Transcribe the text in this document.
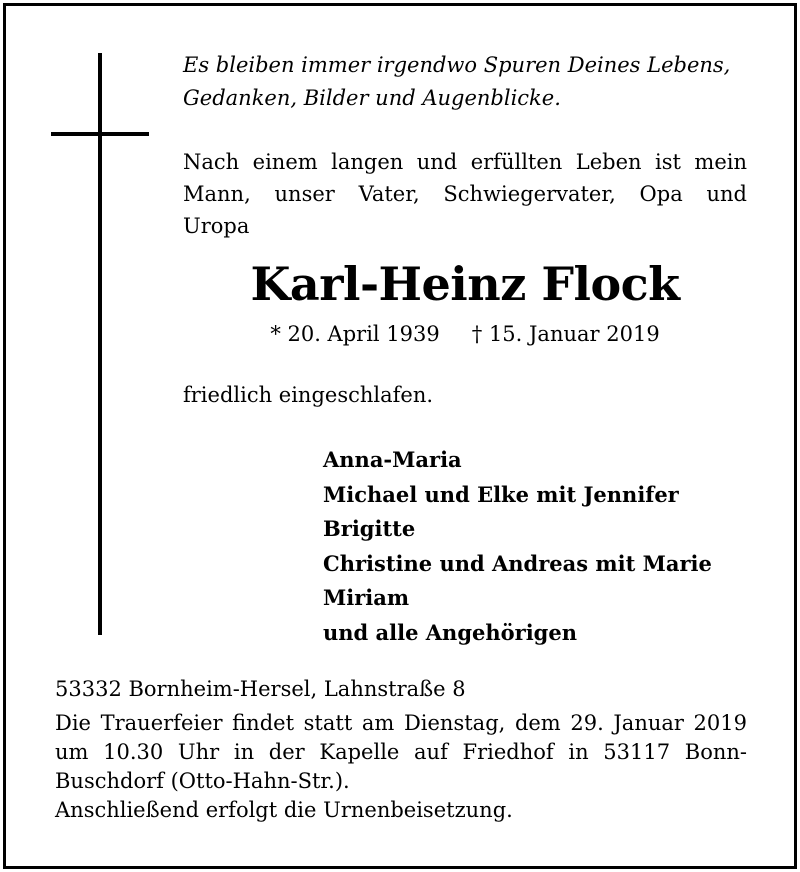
Es bleiben immer irgendwo Spuren Deines Lebens,
Gedanken, Bilder und Augenblicke.

Nach einem langen und erfüllten Leben ist mein
Mann, unser Vater, Schwiegervater, Opa und
Uropa

Karl-Heinz Flock

* 20. April 1939 † 15. Januar 2019

friedlich eingeschlafen.

Anna-Maria
Michael und Elke mit Jennifer
Brigitte
Christine und Andreas mit Marie
Miriam
und alle Angehörigen

53332 Bornheim-Hersel, Lahnstraße 8

Die Trauerfeier findet statt am Dienstag, dem 29. Januar 2019
um 10.30 Uhr in der Kapelle auf Friedhof in 53117 Bonn-
Buschdorf (Otto-Hahn-Str.).
Anschließend erfolgt die Urnenbeisetzung.
